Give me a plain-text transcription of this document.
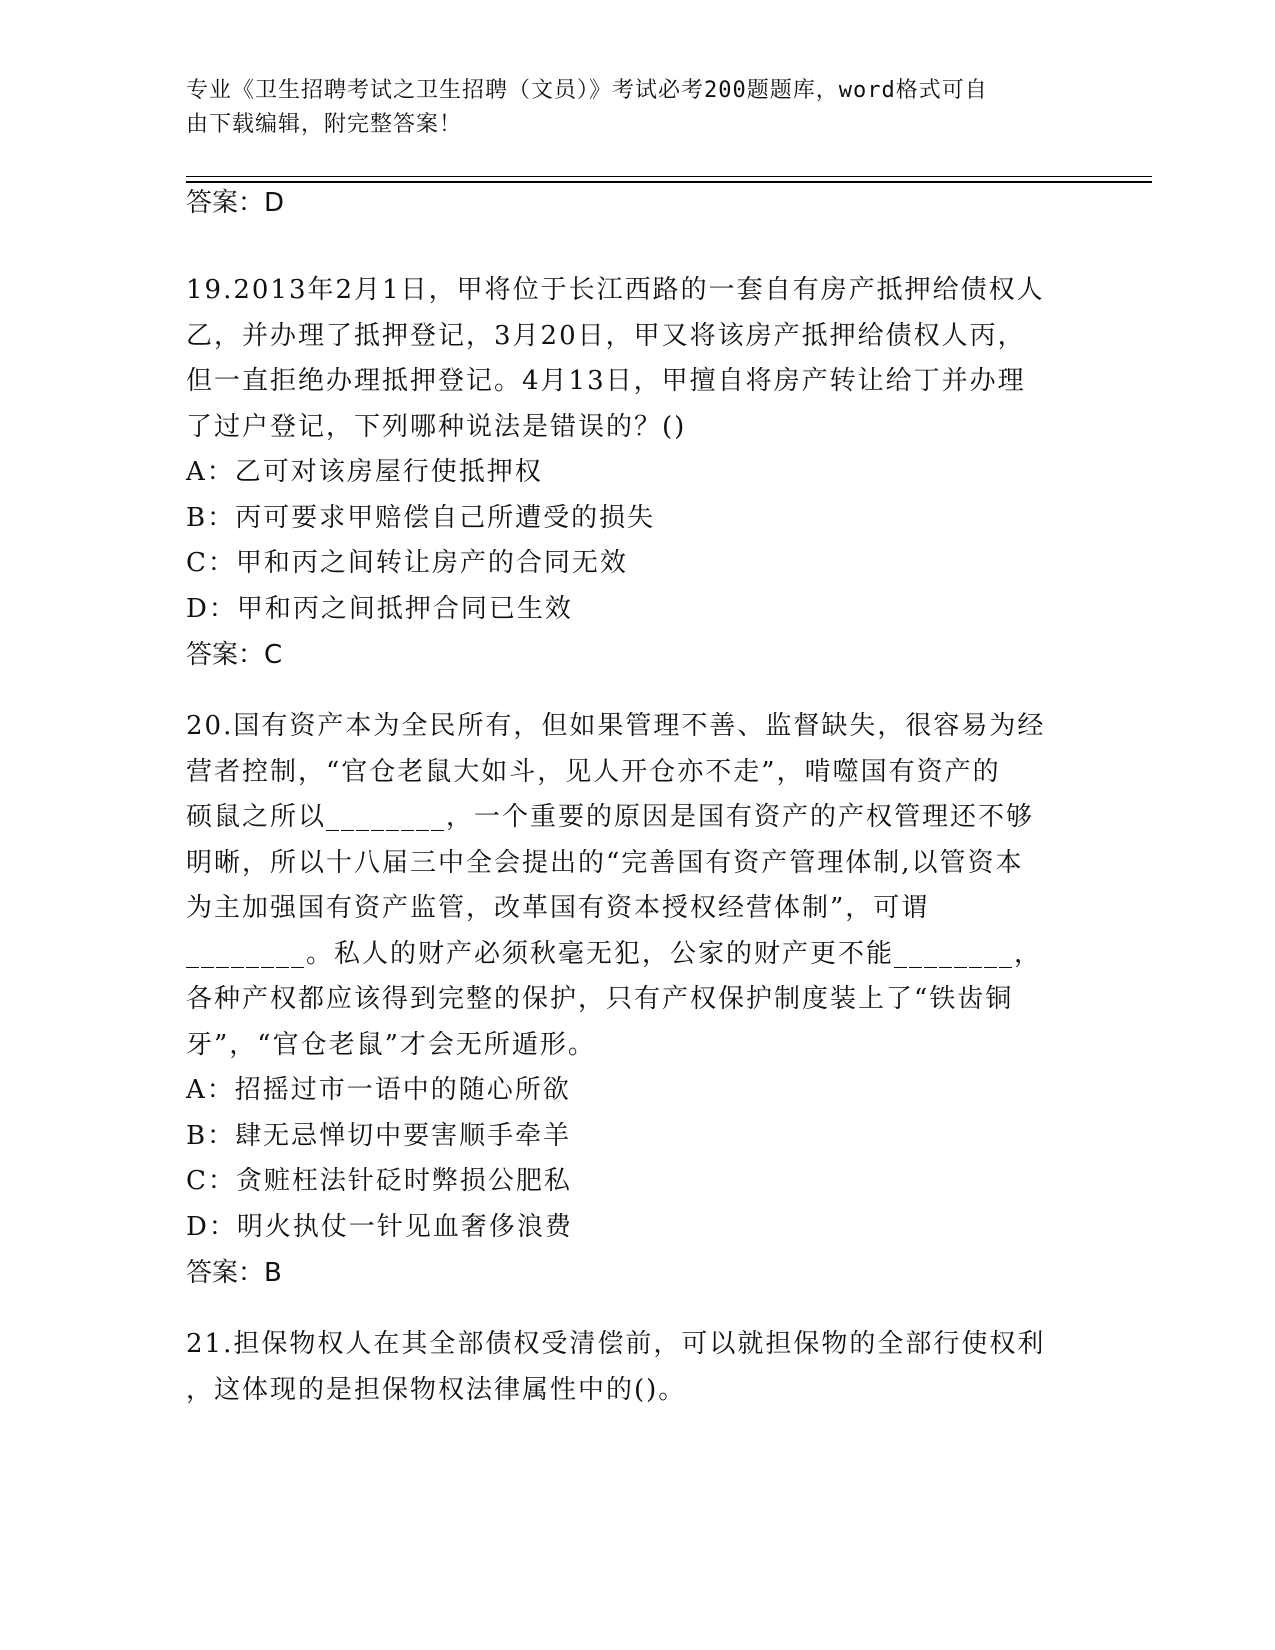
专业《卫生招聘考试之卫生招聘（文员）》考试必考200题题库，word格式可自
由下载编辑，附完整答案！
答案：D
19.2013年2月1日，甲将位于长江西路的一套自有房产抵押给债权人
乙，并办理了抵押登记，3月20日，甲又将该房产抵押给债权人丙，
但一直拒绝办理抵押登记。4月13日，甲擅自将房产转让给丁并办理
了过户登记，下列哪种说法是错误的？()
A：乙可对该房屋行使抵押权
B：丙可要求甲赔偿自己所遭受的损失
C：甲和丙之间转让房产的合同无效
D：甲和丙之间抵押合同已生效
答案：C
20.国有资产本为全民所有，但如果管理不善、监督缺失，很容易为经
营者控制，“官仓老鼠大如斗，见人开仓亦不走”，啃噬国有资产的
硕鼠之所以________，一个重要的原因是国有资产的产权管理还不够
明晰，所以十八届三中全会提出的“完善国有资产管理体制,以管资本
为主加强国有资产监管，改革国有资本授权经营体制”，可谓
________。私人的财产必须秋毫无犯，公家的财产更不能________，
各种产权都应该得到完整的保护，只有产权保护制度装上了“铁齿铜
牙”，“官仓老鼠”才会无所遁形。
A：招摇过市一语中的随心所欲
B：肆无忌惮切中要害顺手牵羊
C：贪赃枉法针砭时弊损公肥私
D：明火执仗一针见血奢侈浪费
答案：B
21.担保物权人在其全部债权受清偿前，可以就担保物的全部行使权利
，这体现的是担保物权法律属性中的()。
